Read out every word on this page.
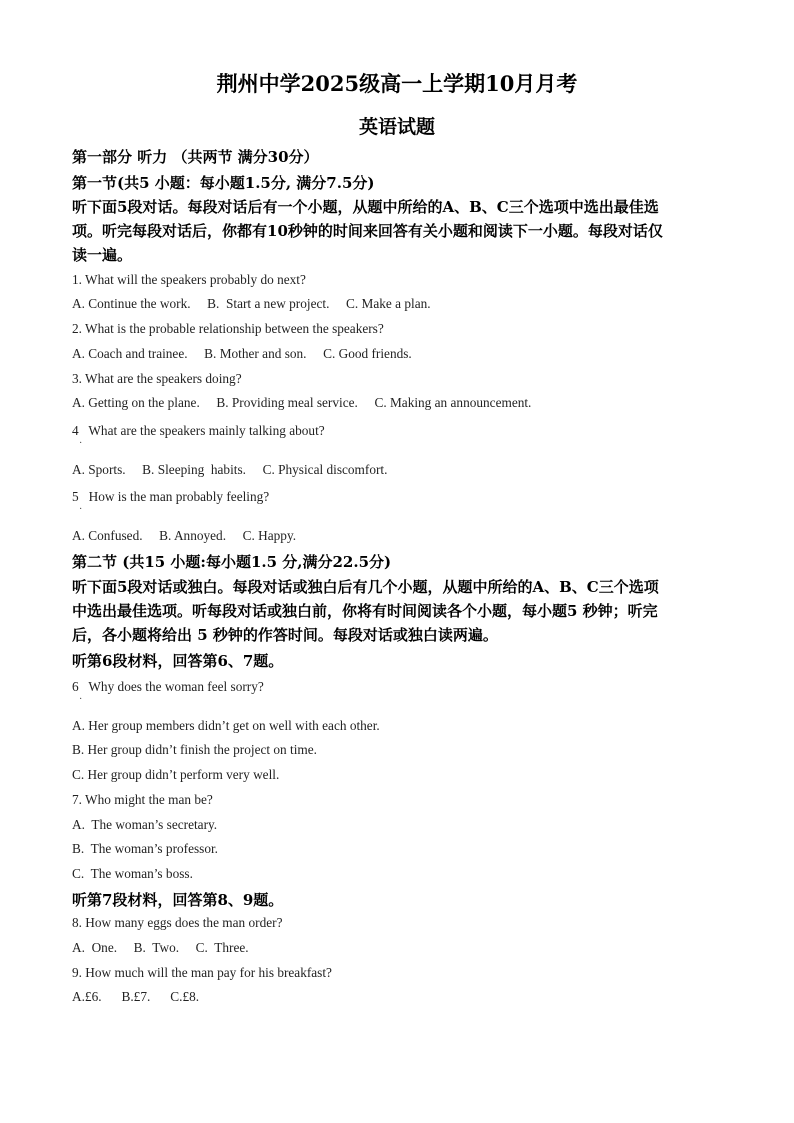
荆州中学2025级高一上学期10月月考
英语试题
第一部分 听力 （共两节 满分30分）
第一节(共5 小题：每小题1.5分, 满分7.5分)
听下面5段对话。每段对话后有一个小题，从题中所给的A、B、C三个选项中选出最佳选
项。听完每段对话后，你都有10秒钟的时间来回答有关小题和阅读下一小题。每段对话仅
读一遍。
1. What will the speakers probably do next?
A. Continue the work.     B.  Start a new project.     C. Make a plan.
2. What is the probable relationship between the speakers?
A. Coach and trainee.     B. Mother and son.     C. Good friends.
3. What are the speakers doing?
A. Getting on the plane.     B. Providing meal service.     C. Making an announcement.
4   What are the speakers mainly talking about?
·
A. Sports.     B. Sleeping  habits.     C. Physical discomfort.
5   How is the man probably feeling?
·
A. Confused.     B. Annoyed.     C. Happy.
第二节 (共15 小题:每小题1.5 分,满分22.5分)
听下面5段对话或独白。每段对话或独白后有几个小题，从题中所给的A、B、C三个选项
中选出最佳选项。听每段对话或独白前，你将有时间阅读各个小题，每小题5 秒钟；听完
后，各小题将给出 5 秒钟的作答时间。每段对话或独白读两遍。
听第6段材料，回答第6、7题。
6   Why does the woman feel sorry?
·
A. Her group members didn’t get on well with each other.
B. Her group didn’t finish the project on time.
C. Her group didn’t perform very well.
7. Who might the man be?
A.  The woman’s secretary.
B.  The woman’s professor.
C.  The woman’s boss.
听第7段材料，回答第8、9题。
8. How many eggs does the man order?
A.  One.     B.  Two.     C.  Three.
9. How much will the man pay for his breakfast?
A.£6.      B.£7.      C.£8.
